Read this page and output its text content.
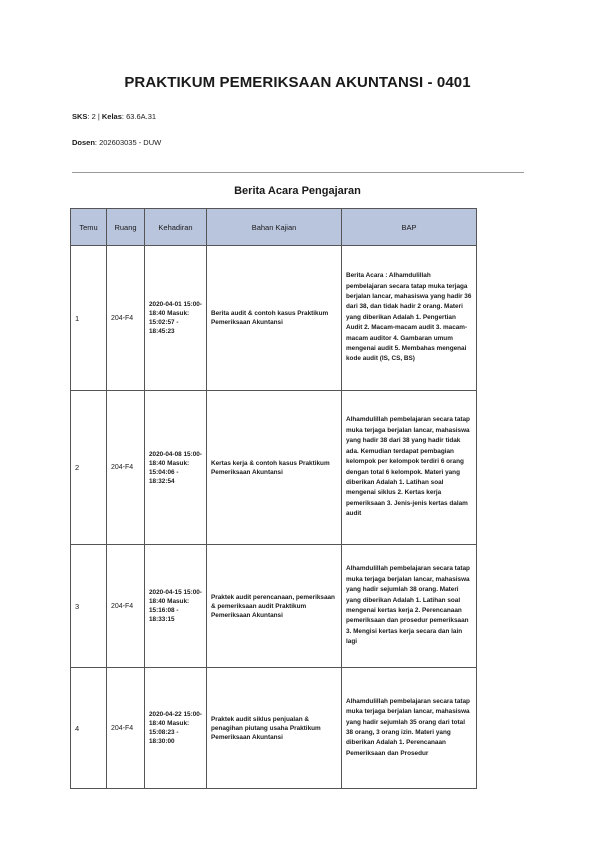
PRAKTIKUM PEMERIKSAAN AKUNTANSI - 0401
SKS: 2 | Kelas: 63.6A.31
Dosen: 202603035 - DUW
Berita Acara Pengajaran
Temu	Ruang	Kehadiran	Bahan Kajian	BAP
1	204-F4	2020-04-01 15:00-18:40 Masuk: 15:02:57 - 18:45:23	Berita audit & contoh kasus Praktikum Pemeriksaan Akuntansi	Berita Acara : Alhamdulillah pembelajaran secara tatap muka terjaga berjalan lancar, mahasiswa yang hadir 36 dari 38, dan tidak hadir 2 orang. Materi yang diberikan Adalah 1. Pengertian Audit 2. Macam-macam audit 3. macam-macam auditor 4. Gambaran umum mengenai audit 5. Membahas mengenai kode audit (IS, CS, BS)
2	204-F4	2020-04-08 15:00-18:40 Masuk: 15:04:06 - 18:32:54	Kertas kerja & contoh kasus Praktikum Pemeriksaan Akuntansi	Alhamdulillah pembelajaran secara tatap muka terjaga berjalan lancar, mahasiswa yang hadir 38 dari 38 yang hadir tidak ada. Kemudian terdapat pembagian kelompok per kelompok terdiri 6 orang dengan total 6 kelompok. Materi yang diberikan Adalah 1. Latihan soal mengenai siklus 2. Kertas kerja pemeriksaan 3. Jenis-jenis kertas dalam audit
3	204-F4	2020-04-15 15:00-18:40 Masuk: 15:16:08 - 18:33:15	Praktek audit perencanaan, pemeriksaan & pemeriksaan audit Praktikum Pemeriksaan Akuntansi	Alhamdulillah pembelajaran secara tatap muka terjaga berjalan lancar, mahasiswa yang hadir sejumlah 38 orang. Materi yang diberikan Adalah 1. Latihan soal mengenai kertas kerja 2. Perencanaan pemeriksaan dan prosedur pemeriksaan 3. Mengisi kertas kerja secara dan lain lagi
4	204-F4	2020-04-22 15:00-18:40 Masuk: 15:08:23 - 18:30:00	Praktek audit siklus penjualan & penagihan piutang usaha Praktikum Pemeriksaan Akuntansi	Alhamdulillah pembelajaran secara tatap muka terjaga berjalan lancar, mahasiswa yang hadir sejumlah 35 orang dari total 38 orang, 3 orang izin. Materi yang diberikan Adalah 1. Perencanaan Pemeriksaan dan Prosedur
